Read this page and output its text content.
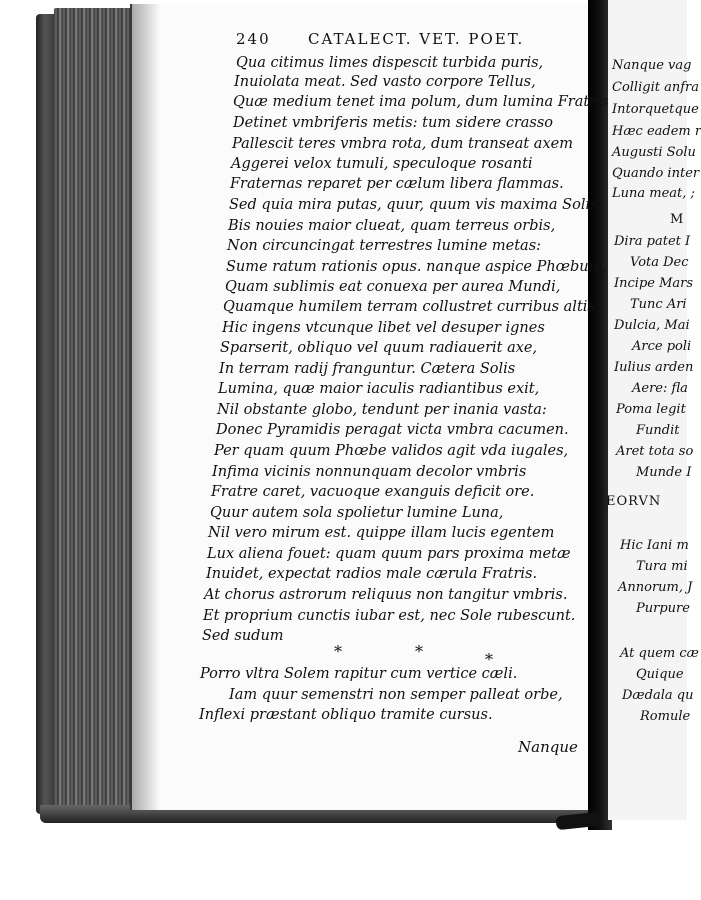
240 CATALECT. VET. POET.
Qua citimus limes dispescit turbida puris,
Inuiolata meat. Sed vasto corpore Tellus,
Quæ medium tenet ima polum, dum lumina Fratris
Detinet vmbriferis metis: tum sidere crasso
Pallescit teres vmbra rota, dum transeat axem
Aggerei velox tumuli, speculoque rosanti
Fraternas reparet per cælum libera flammas.
Sed quia mira putas, quur, quum vis maxima Solis
Bis nouies maior clueat, quam terreus orbis,
Non circuncingat terrestres lumine metas:
Sume ratum rationis opus. nanque aspice Phœbum,
Quam sublimis eat conuexa per aurea Mundi,
Quamque humilem terram collustret curribus altis:
Hic ingens vtcunque libet vel desuper ignes
Sparserit, obliquo vel quum radiauerit axe,
In terram radij franguntur. Cætera Solis
Lumina, quæ maior iaculis radiantibus exit,
Nil obstante globo, tendunt per inania vasta:
Donec Pyramidis peragat victa vmbra cacumen.
Per quam quum Phœbe validos agit vda iugales,
Infima vicinis nonnunquam decolor vmbris
Fratre caret, vacuoque exanguis deficit ore.
Quur autem sola spolietur lumine Luna,
Nil vero mirum est. quippe illam lucis egentem
Lux aliena fouet: quam quum pars proxima metæ
Inuidet, expectat radios male cærula Fratris.
At chorus astrorum reliquus non tangitur vmbris.
Et proprium cunctis iubar est, nec Sole rubescunt.
Sed sudum
*	*	*
Porro vltra Solem rapitur cum vertice cæli.
Iam quur semenstri non semper palleat orbe,
Inflexi præstant obliquo tramite cursus.
Nanque
Nanque vag
Colligit anfra
Intorquetque
Hæc eadem r
Augusti Solu
Quando inter
Luna meat, ;
M
Dira patet I
Vota Dec
Incipe Mars
Tunc Ari
Dulcia, Mai
Arce poli
Iulius arden
Aere: fla
Poma legit
Fundit
Aret tota so
Munde I
EORVN
Hic Iani m
Tura mi
Annorum, J
Purpure
At quem cæ
Quique
Dædala qu
Romule
